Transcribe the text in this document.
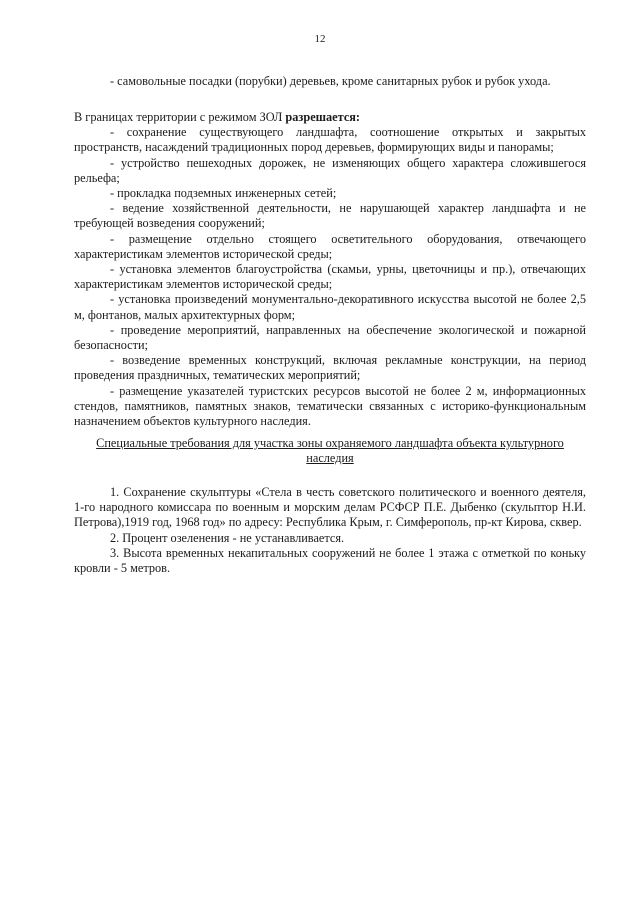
12

- самовольные посадки (порубки) деревьев, кроме санитарных рубок и рубок ухода.

В границах территории с режимом ЗОЛ разрешается:

- сохранение существующего ландшафта, соотношение открытых и закрытых пространств, насаждений традиционных пород деревьев, формирующих виды и панорамы;

- устройство пешеходных дорожек, не изменяющих общего характера сложившегося рельефа;

- прокладка подземных инженерных сетей;

- ведение хозяйственной деятельности, не нарушающей характер ландшафта и не требующей возведения сооружений;

- размещение отдельно стоящего осветительного оборудования, отвечающего характеристикам элементов исторической среды;

- установка элементов благоустройства (скамьи, урны, цветочницы и пр.), отвечающих характеристикам элементов исторической среды;

- установка произведений монументально-декоративного искусства высотой не более 2,5 м, фонтанов, малых архитектурных форм;

- проведение мероприятий, направленных на обеспечение экологической и пожарной безопасности;

- возведение временных конструкций, включая рекламные конструкции, на период проведения праздничных, тематических мероприятий;

- размещение указателей туристских ресурсов высотой не более 2 м, информационных стендов, памятников, памятных знаков, тематически связанных с историко-функциональным назначением объектов культурного наследия.

Специальные требования для участка зоны охраняемого ландшафта объекта культурного наследия

1. Сохранение скульптуры «Стела в честь советского политического и военного деятеля, 1-го народного комиссара по военным и морским делам РСФСР П.Е. Дыбенко (скульптор Н.И. Петрова),1919 год, 1968 год» по адресу: Республика Крым, г. Симферополь, пр-кт Кирова, сквер.

2. Процент озеленения - не устанавливается.

3. Высота временных некапитальных сооружений не более 1 этажа с отметкой по коньку кровли - 5 метров.
